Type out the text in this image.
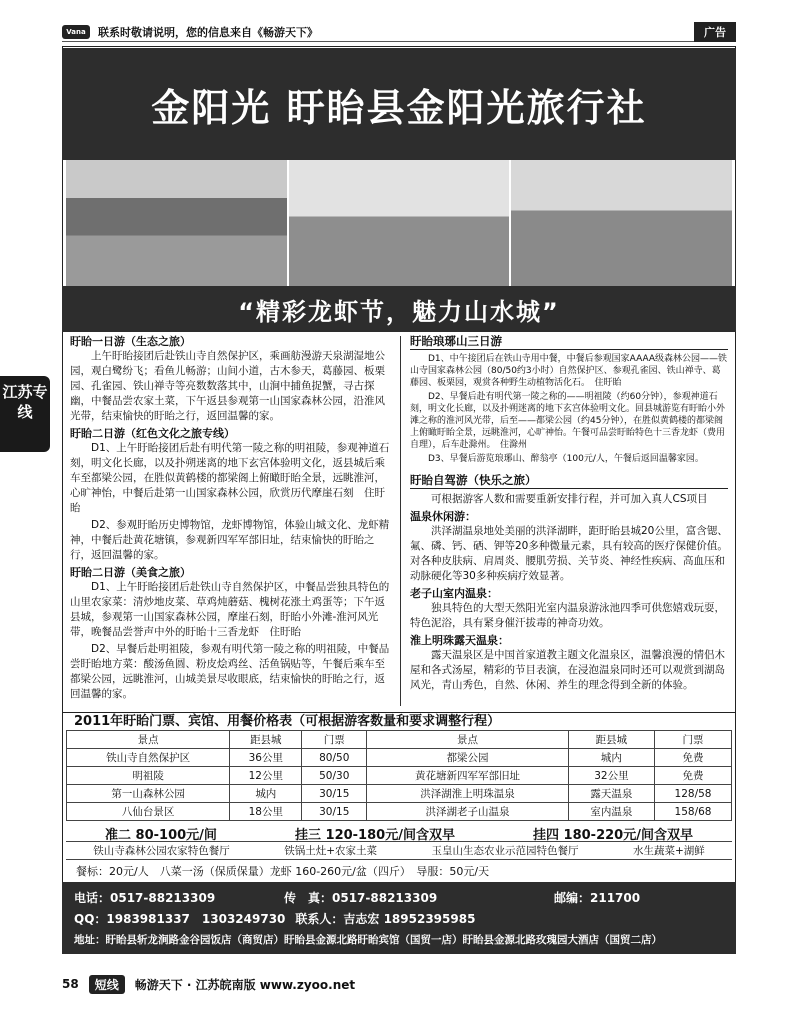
Vana	联系时敬请说明，您的信息来自《畅游天下》	广告
江苏专线
金阳光 盱眙县金阳光旅行社
“精彩龙虾节，魅力山水城”
盱眙一日游（生态之旅）
上午盱眙接团后赴铁山寺自然保护区，乘画舫漫游天泉湖湿地公园，观白鹭纷飞；看鱼儿畅游；山间小道，古木参天，葛藤园、板栗园、孔雀园、铁山禅寺等亮数数落其中，山涧中捕鱼捉蟹，寻古探幽，中餐品尝农家土菜，下午返县参观第一山国家森林公园，沿淮风光带，结束愉快的盱眙之行，返回温馨的家。
盱眙二日游（红色文化之旅专线）
D1、上午盱眙接团后赴有明代第一陵之称的明祖陵，参观神道石刻，明文化长廊，以及扑朔迷离的地下玄宫体验明文化，返县城后乘车至都梁公园，在胜似黄鹤楼的都梁阁上俯瞰盱眙全景，远眺淮河，心旷神怡，中餐后赴第一山国家森林公园，欣赏历代摩崖石刻　 住盱眙
D2、参观盱眙历史博物馆，龙虾博物馆，体验山城文化、龙虾精神，中餐后赴黄花塘镇，参观新四军军部旧址，结束愉快的盱眙之行，返回温馨的家。
盱眙二日游（美食之旅）
D1、上午盱眙接团后赴铁山寺自然保护区，中餐品尝独具特色的山里农家菜：清炒地皮菜、草鸡炖蘑菇、槐树花涨土鸡蛋等；下午返县城，参观第一山国家森林公园，摩崖石刻，盱眙小外滩-淮河风光带，晚餐品尝誉声中外的盱眙十三香龙虾　 住盱眙
D2、早餐后赴明祖陵，参观有明代第一陵之称的明祖陵，中餐品尝盱眙地方菜：酸汤鱼圆、粉皮烩鸡丝、活鱼锅贴等，午餐后乘车至都梁公园，远眺淮河，山城美景尽收眼底，结束愉快的盱眙之行，返回温馨的家。
盱眙琅琊山三日游
D1、中午接团后在铁山寺用中餐，中餐后参观国家AAAA级森林公园——铁山寺国家森林公园（80/50约3小时）自然保护区、参观孔雀园、铁山禅寺、葛藤园、板栗园，观赏各种野生动植物活化石。　 住盱眙
D2、早餐后赴有明代第一陵之称的——明祖陵（约60分钟），参观神道石刻，明文化长廊，以及扑朔迷离的地下玄宫体验明文化。回县城游览有盱眙小外滩之称的淮河风光带，后至——都梁公园（约45分钟），在胜似黄鹤楼的都梁阁上俯瞰盱眙全景，远眺淮河，心旷神怡。午餐可品尝盱眙特色十三香龙虾（费用自理），后车赴滁州。　 住滁州
D3、早餐后游览琅琊山、醉翁亭（100元/人，午餐后返回温馨家园。
盱眙自驾游（快乐之旅）
可根据游客人数和需要重新安排行程，并可加入真人CS项目
温泉休闲游：
洪泽湖温泉地处美丽的洪泽湖畔，距盱眙县城20公里，富含锶、氟、磷、钙、硒、钾等20多种微量元素，具有较高的医疗保健价值。对各种皮肤病、肩周炎、腰肌劳损、关节炎、神经性疾病、高血压和动脉硬化等30多种疾病疗效显著。
老子山室内温泉：
独具特色的大型天然阳光室内温泉游泳池四季可供您嬉戏玩耍，特色泥浴，具有紧身催汗拔毒的神奇功效。
淮上明珠露天温泉：
露天温泉区是中国首家道教主题文化温泉区，温馨浪漫的情侣木屋和各式汤屋，精彩的节目表演，在浸泡温泉同时还可以观赏到湖岛风光，青山秀色，自然、休闲、养生的理念得到全新的体验。
2011年盱眙门票、宾馆、用餐价格表（可根据游客数量和要求调整行程）
景点	距县城	门票	景点	距县城	门票
铁山寺自然保护区	36公里	80/50	都梁公园	城内	免费
明祖陵	12公里	50/30	黄花塘新四军军部旧址	32公里	免费
第一山森林公园	城内	30/15	洪泽湖淮上明珠温泉	露天温泉	128/58
八仙台景区	18公里	30/15	洪泽湖老子山温泉	室内温泉	158/68
准二 80-100元/间	挂三 120-180元/间含双早	挂四 180-220元/间含双早
铁山寺森林公园农家特色餐厅	铁锅土灶+农家土菜	玉皇山生态农业示范园特色餐厅	水生蔬菜+湖鲜
餐标：20元/人　八菜一汤（保质保量）龙虾 160-260元/盆（四斤）　导服：50元/天
电话：0517-88213309	传　真：0517-88213309	邮编：211700
QQ：1983981337　1303249730 联系人：吉志宏 18952395985
地址：盱眙县斩龙涧路金谷园饭店（商贸店）盱眙县金源北路盱眙宾馆（国贸一店）盱眙县金源北路玫瑰园大酒店（国贸二店）
58	短线	畅游天下 · 江苏皖南版 www.zyoo.net
